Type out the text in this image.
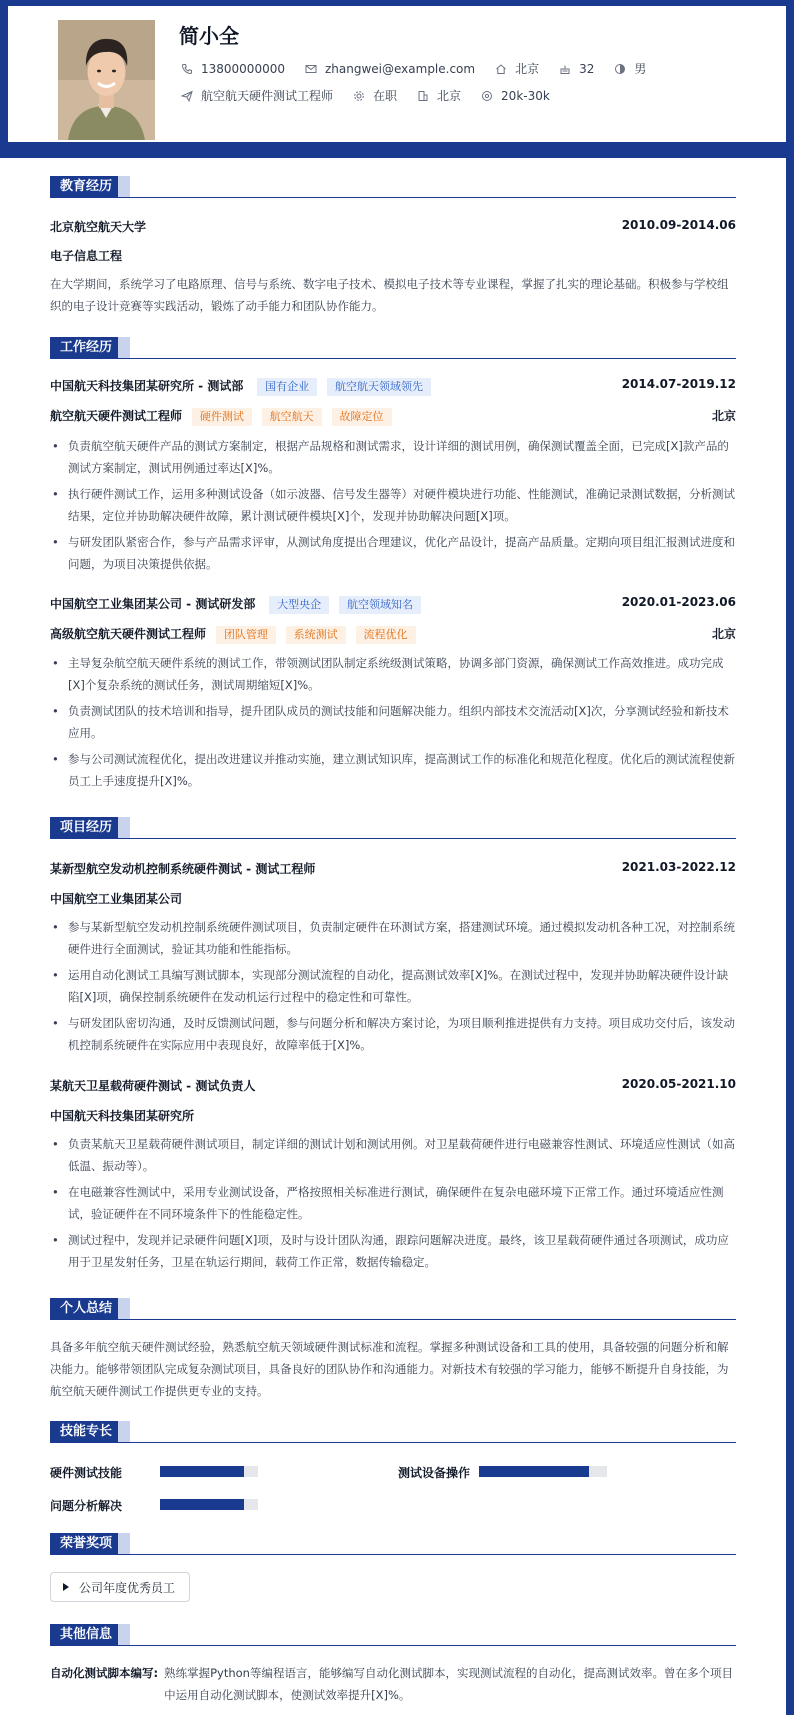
简小全
13800000000	zhangwei@example.com	北京	32	男
航空航天硬件测试工程师	在职	北京	20k-30k
教育经历
北京航空航天大学	2010.09-2014.06
电子信息工程
在大学期间，系统学习了电路原理、信号与系统、数字电子技术、模拟电子技术等专业课程，掌握了扎实的理论基础。积极参与学校组织的电子设计竞赛等实践活动，锻炼了动手能力和团队协作能力。
工作经历
中国航天科技集团某研究所 - 测试部 国有企业 航空航天领域领先	2014.07-2019.12
航空航天硬件测试工程师 硬件测试 航空航天 故障定位	北京
• 负责航空航天硬件产品的测试方案制定，根据产品规格和测试需求，设计详细的测试用例，确保测试覆盖全面，已完成[X]款产品的测试方案制定，测试用例通过率达[X]%。
• 执行硬件测试工作，运用多种测试设备（如示波器、信号发生器等）对硬件模块进行功能、性能测试，准确记录测试数据，分析测试结果，定位并协助解决硬件故障，累计测试硬件模块[X]个，发现并协助解决问题[X]项。
• 与研发团队紧密合作，参与产品需求评审，从测试角度提出合理建议，优化产品设计，提高产品质量。定期向项目组汇报测试进度和问题，为项目决策提供依据。
中国航空工业集团某公司 - 测试研发部 大型央企 航空领域知名	2020.01-2023.06
高级航空航天硬件测试工程师 团队管理 系统测试 流程优化	北京
• 主导复杂航空航天硬件系统的测试工作，带领测试团队制定系统级测试策略，协调多部门资源，确保测试工作高效推进。成功完成[X]个复杂系统的测试任务，测试周期缩短[X]%。
• 负责测试团队的技术培训和指导，提升团队成员的测试技能和问题解决能力。组织内部技术交流活动[X]次，分享测试经验和新技术应用。
• 参与公司测试流程优化，提出改进建议并推动实施，建立测试知识库，提高测试工作的标准化和规范化程度。优化后的测试流程使新员工上手速度提升[X]%。
项目经历
某新型航空发动机控制系统硬件测试 - 测试工程师	2021.03-2022.12
中国航空工业集团某公司
• 参与某新型航空发动机控制系统硬件测试项目，负责制定硬件在环测试方案，搭建测试环境。通过模拟发动机各种工况，对控制系统硬件进行全面测试，验证其功能和性能指标。
• 运用自动化测试工具编写测试脚本，实现部分测试流程的自动化，提高测试效率[X]%。在测试过程中，发现并协助解决硬件设计缺陷[X]项，确保控制系统硬件在发动机运行过程中的稳定性和可靠性。
• 与研发团队密切沟通，及时反馈测试问题，参与问题分析和解决方案讨论，为项目顺利推进提供有力支持。项目成功交付后，该发动机控制系统硬件在实际应用中表现良好，故障率低于[X]%。
某航天卫星载荷硬件测试 - 测试负责人	2020.05-2021.10
中国航天科技集团某研究所
• 负责某航天卫星载荷硬件测试项目，制定详细的测试计划和测试用例。对卫星载荷硬件进行电磁兼容性测试、环境适应性测试（如高低温、振动等）。
• 在电磁兼容性测试中，采用专业测试设备，严格按照相关标准进行测试，确保硬件在复杂电磁环境下正常工作。通过环境适应性测试，验证硬件在不同环境条件下的性能稳定性。
• 测试过程中，发现并记录硬件问题[X]项，及时与设计团队沟通，跟踪问题解决进度。最终，该卫星载荷硬件通过各项测试，成功应用于卫星发射任务，卫星在轨运行期间，载荷工作正常，数据传输稳定。
个人总结
具备多年航空航天硬件测试经验，熟悉航空航天领域硬件测试标准和流程。掌握多种测试设备和工具的使用，具备较强的问题分析和解决能力。能够带领团队完成复杂测试项目，具备良好的团队协作和沟通能力。对新技术有较强的学习能力，能够不断提升自身技能，为航空航天硬件测试工作提供更专业的支持。
技能专长
硬件测试技能	测试设备操作
问题分析解决
荣誉奖项
公司年度优秀员工
其他信息
自动化测试脚本编写: 熟练掌握Python等编程语言，能够编写自动化测试脚本，实现测试流程的自动化，提高测试效率。曾在多个项目中运用自动化测试脚本，使测试效率提升[X]%。
